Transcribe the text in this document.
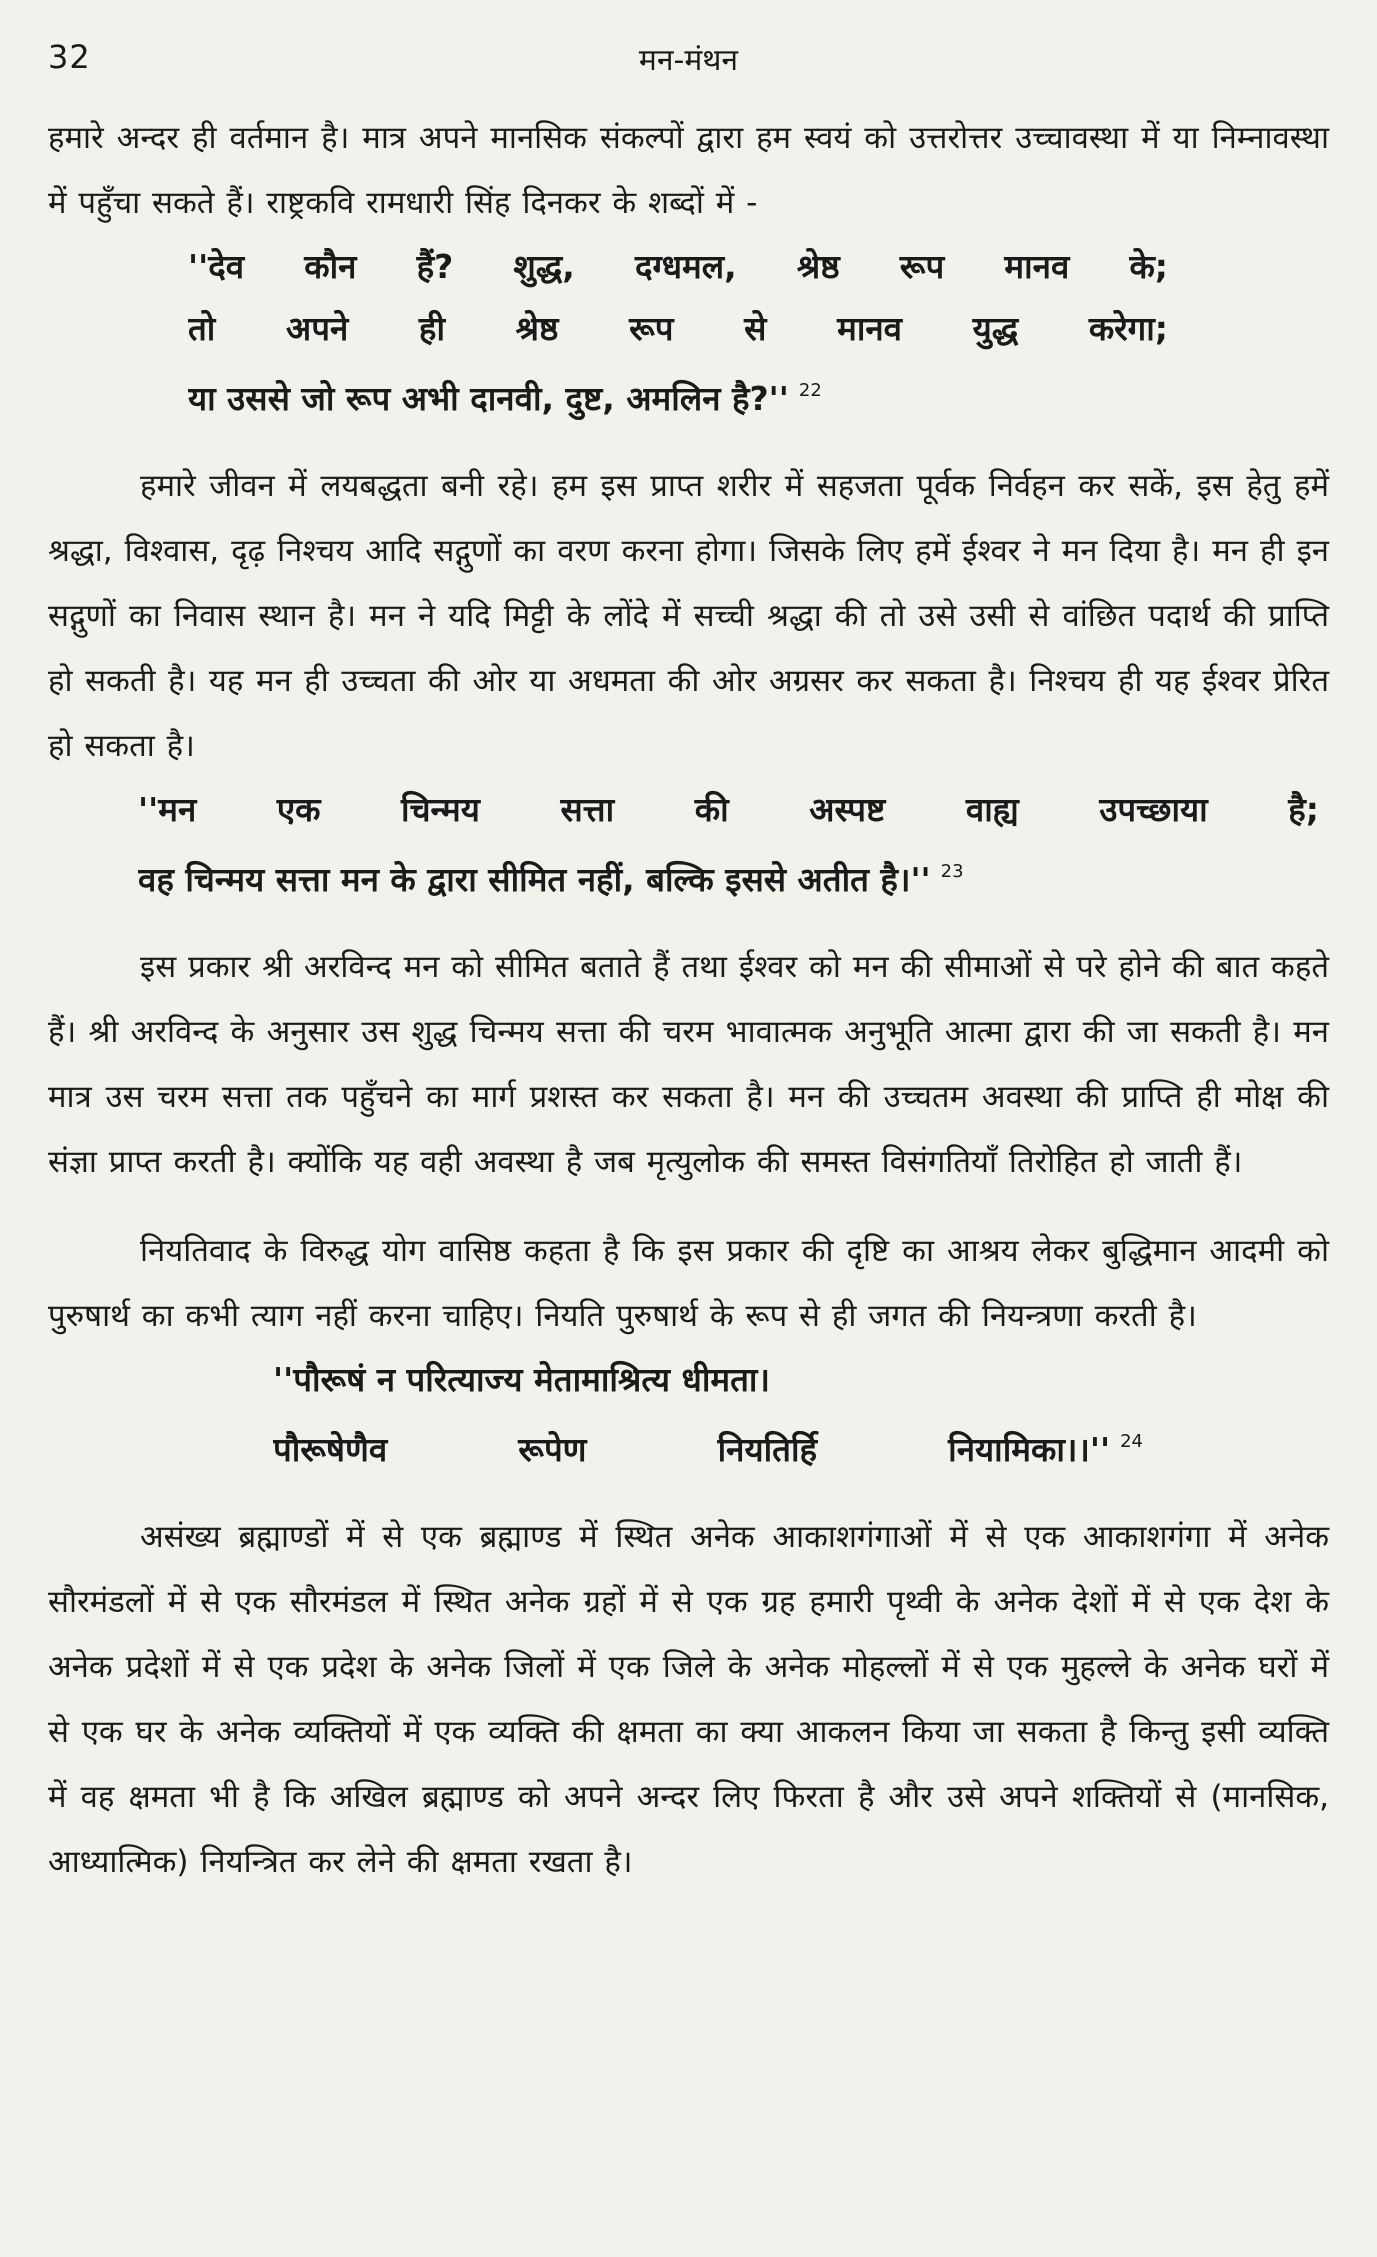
32	मन-मंथन

हमारे अन्दर ही वर्तमान है। मात्र अपने मानसिक संकल्पों द्वारा हम स्वयं को उत्तरोत्तर उच्चावस्था में या निम्नावस्था में पहुँचा सकते हैं। राष्ट्रकवि रामधारी सिंह दिनकर के शब्दों में -

''देव कौन हैं? शुद्ध, दग्धमल, श्रेष्ठ रूप मानव के;
तो अपने ही श्रेष्ठ रूप से मानव युद्ध करेगा;
या उससे जो रूप अभी दानवी, दुष्ट, अमलिन है?'' $^{22}$

हमारे जीवन में लयबद्धता बनी रहे। हम इस प्राप्त शरीर में सहजता पूर्वक निर्वहन कर सकें, इस हेतु हमें श्रद्धा, विश्वास, दृढ़ निश्चय आदि सद्गुणों का वरण करना होगा। जिसके लिए हमें ईश्वर ने मन दिया है। मन ही इन सद्गुणों का निवास स्थान है। मन ने यदि मिट्टी के लोंदे में सच्ची श्रद्धा की तो उसे उसी से वांछित पदार्थ की प्राप्ति हो सकती है। यह मन ही उच्चता की ओर या अधमता की ओर अग्रसर कर सकता है। निश्चय ही यह ईश्वर प्रेरित हो सकता है।

''मन एक चिन्मय सत्ता की अस्पष्ट वाह्य उपच्छाया है;
वह चिन्मय सत्ता मन के द्वारा सीमित नहीं, बल्कि इससे अतीत है।'' $^{23}$

इस प्रकार श्री अरविन्द मन को सीमित बताते हैं तथा ईश्वर को मन की सीमाओं से परे होने की बात कहते हैं। श्री अरविन्द के अनुसार उस शुद्ध चिन्मय सत्ता की चरम भावात्मक अनुभूति आत्मा द्वारा की जा सकती है। मन मात्र उस चरम सत्ता तक पहुँचने का मार्ग प्रशस्त कर सकता है। मन की उच्चतम अवस्था की प्राप्ति ही मोक्ष की संज्ञा प्राप्त करती है। क्योंकि यह वही अवस्था है जब मृत्युलोक की समस्त विसंगतियाँ तिरोहित हो जाती हैं।

नियतिवाद के विरुद्ध योग वासिष्ठ कहता है कि इस प्रकार की दृष्टि का आश्रय लेकर बुद्धिमान आदमी को पुरुषार्थ का कभी त्याग नहीं करना चाहिए। नियति पुरुषार्थ के रूप से ही जगत की नियन्त्रणा करती है।

''पौरूषं न परित्याज्य मेतामाश्रित्य धीमता।
पौरूषेणैव रूपेण नियतिर्हि नियामिका।।'' $^{24}$

असंख्य ब्रह्माण्डों में से एक ब्रह्माण्ड में स्थित अनेक आकाशगंगाओं में से एक आकाशगंगा में अनेक सौरमंडलों में से एक सौरमंडल में स्थित अनेक ग्रहों में से एक ग्रह हमारी पृथ्वी के अनेक देशों में से एक देश के अनेक प्रदेशों में से एक प्रदेश के अनेक जिलों में एक जिले के अनेक मोहल्लों में से एक मुहल्ले के अनेक घरों में से एक घर के अनेक व्यक्तियों में एक व्यक्ति की क्षमता का क्या आकलन किया जा सकता है किन्तु इसी व्यक्ति में वह क्षमता भी है कि अखिल ब्रह्माण्ड को अपने अन्दर लिए फिरता है और उसे अपने शक्तियों से (मानसिक, आध्यात्मिक) नियन्त्रित कर लेने की क्षमता रखता है।
